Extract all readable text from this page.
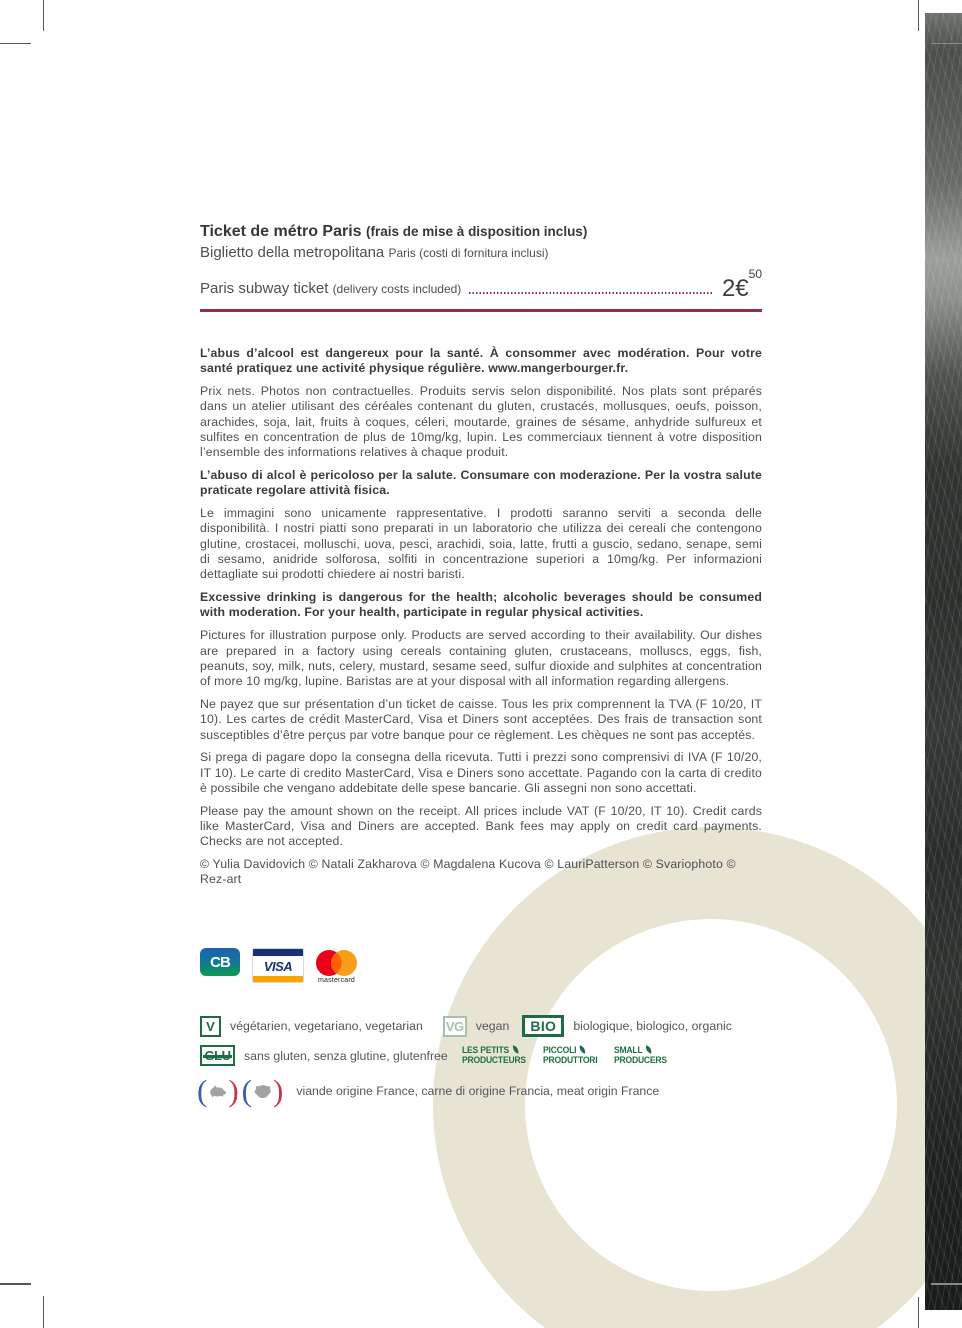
Ticket de métro Paris (frais de mise à disposition inclus)
Biglietto della metropolitana Paris (costi di fornitura inclusi)
Paris subway ticket (delivery costs included)	2€$^{50}$

L’abus d’alcool est dangereux pour la santé. À consommer avec modération. Pour votre santé pratiquez une activité physique régulière. www.mangerbourger.fr.

Prix nets. Photos non contractuelles. Produits servis selon disponibilité. Nos plats sont préparés dans un atelier utilisant des céréales contenant du gluten, crustacés, mollusques, oeufs, poisson, arachides, soja, lait, fruits à coques, céleri, moutarde, graines de sésame, anhydride sulfureux et sulfites en concentration de plus de 10mg/kg, lupin. Les commerciaux tiennent à votre disposition l’ensemble des informations relatives à chaque produit.

L’abuso di alcol è pericoloso per la salute. Consumare con moderazione. Per la vostra salute praticate regolare attività fisica.

Le immagini sono unicamente rappresentative. I prodotti saranno serviti a seconda delle disponibilità. I nostri piatti sono preparati in un laboratorio che utilizza dei cereali che contengono glutine, crostacei, molluschi, uova, pesci, arachidi, soia, latte, frutti a guscio, sedano, senape, semi di sesamo, anidride solforosa, solfiti in concentrazione superiori a 10mg/kg. Per informazioni dettagliate sui prodotti chiedere ai nostri baristi.

Excessive drinking is dangerous for the health; alcoholic beverages should be consumed with moderation. For your health, participate in regular physical activities.

Pictures for illustration purpose only. Products are served according to their availability. Our dishes are prepared in a factory using cereals containing gluten, crustaceans, molluscs, eggs, fish, peanuts, soy, milk, nuts, celery, mustard, sesame seed, sulfur dioxide and sulphites at concentration of more 10 mg/kg, lupine. Baristas are at your disposal with all information regarding allergens.

Ne payez que sur présentation d’un ticket de caisse. Tous les prix comprennent la TVA (F 10/20, IT 10). Les cartes de crédit MasterCard, Visa et Diners sont acceptées. Des frais de transaction sont susceptibles d’être perçus par votre banque pour ce règlement. Les chèques ne sont pas acceptés.

Si prega di pagare dopo la consegna della ricevuta. Tutti i prezzi sono comprensivi di IVA (F 10/20, IT 10). Le carte di credito MasterCard, Visa e Diners sono accettate. Pagando con la carta di credito è possibile che vengano addebitate delle spese bancarie. Gli assegni non sono accettati.

Please pay the amount shown on the receipt. All prices include VAT (F 10/20, IT 10). Credit cards like MasterCard, Visa and Diners are accepted. Bank fees may apply on credit card payments. Checks are not accepted.

© Yulia Davidovich © Natali Zakharova © Magdalena Kucova © LauriPatterson © Svariophoto © Rez-art

CB	VISA
mastercard
V végétarien, vegetariano, vegetarian VG vegan BIO biologique, biologico, organic
sans gluten, senza glutine, glutenfree LES PETITS
PRODUCTEURS
PICCOLI
PRODUTTORI
SMALL
PRODUCERS
( ) ( ) viande origine France, carne di origine Francia, meat origin France
